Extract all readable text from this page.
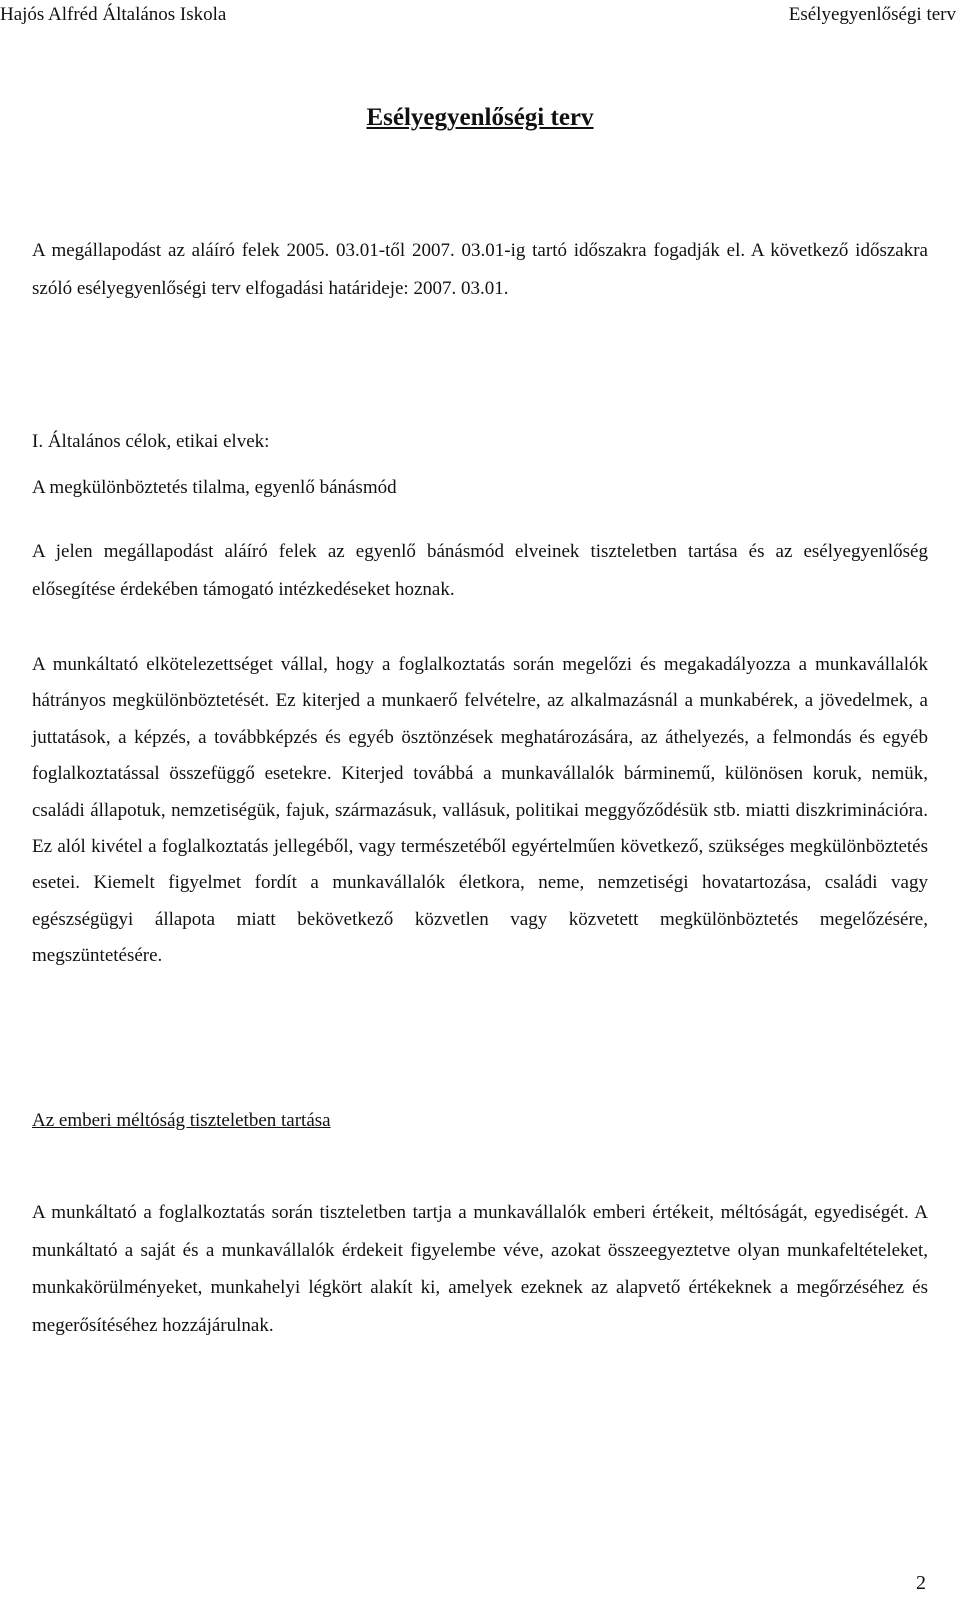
Hajós Alfréd Általános Iskola	Esélyegyenlőségi terv
Esélyegyenlőségi terv

A megállapodást az aláíró felek 2005. 03.01-től 2007. 03.01-ig tartó időszakra fogadják el. A következő időszakra szóló esélyegyenlőségi terv elfogadási határideje: 2007. 03.01.

I. Általános célok, etikai elvek:
A megkülönböztetés tilalma, egyenlő bánásmód

A jelen megállapodást aláíró felek az egyenlő bánásmód elveinek tiszteletben tartása és az esélyegyenlőség elősegítése érdekében támogató intézkedéseket hoznak.

A munkáltató elkötelezettséget vállal, hogy a foglalkoztatás során megelőzi és megakadályozza a munkavállalók hátrányos megkülönböztetését. Ez kiterjed a munkaerő felvételre, az alkalmazásnál a munkabérek, a jövedelmek, a juttatások, a képzés, a továbbképzés és egyéb ösztönzések meghatározására, az áthelyezés, a felmondás és egyéb foglalkoztatással összefüggő esetekre. Kiterjed továbbá a munkavállalók bárminemű, különösen koruk, nemük, családi állapotuk, nemzetiségük, fajuk, származásuk, vallásuk, politikai meggyőződésük stb. miatti diszkriminációra. Ez alól kivétel a foglalkoztatás jellegéből, vagy természetéből egyértelműen következő, szükséges megkülönböztetés esetei. Kiemelt figyelmet fordít a munkavállalók életkora, neme, nemzetiségi hovatartozása, családi vagy egészségügyi állapota miatt bekövetkező közvetlen vagy közvetett megkülönböztetés megelőzésére, megszüntetésére.

Az emberi méltóság tiszteletben tartása

A munkáltató a foglalkoztatás során tiszteletben tartja a munkavállalók emberi értékeit, méltóságát, egyediségét. A munkáltató a saját és a munkavállalók érdekeit figyelembe véve, azokat összeegyeztetve olyan munkafeltételeket, munkakörülményeket, munkahelyi légkört alakít ki, amelyek ezeknek az alapvető értékeknek a megőrzéséhez és megerősítéséhez hozzájárulnak.

2
